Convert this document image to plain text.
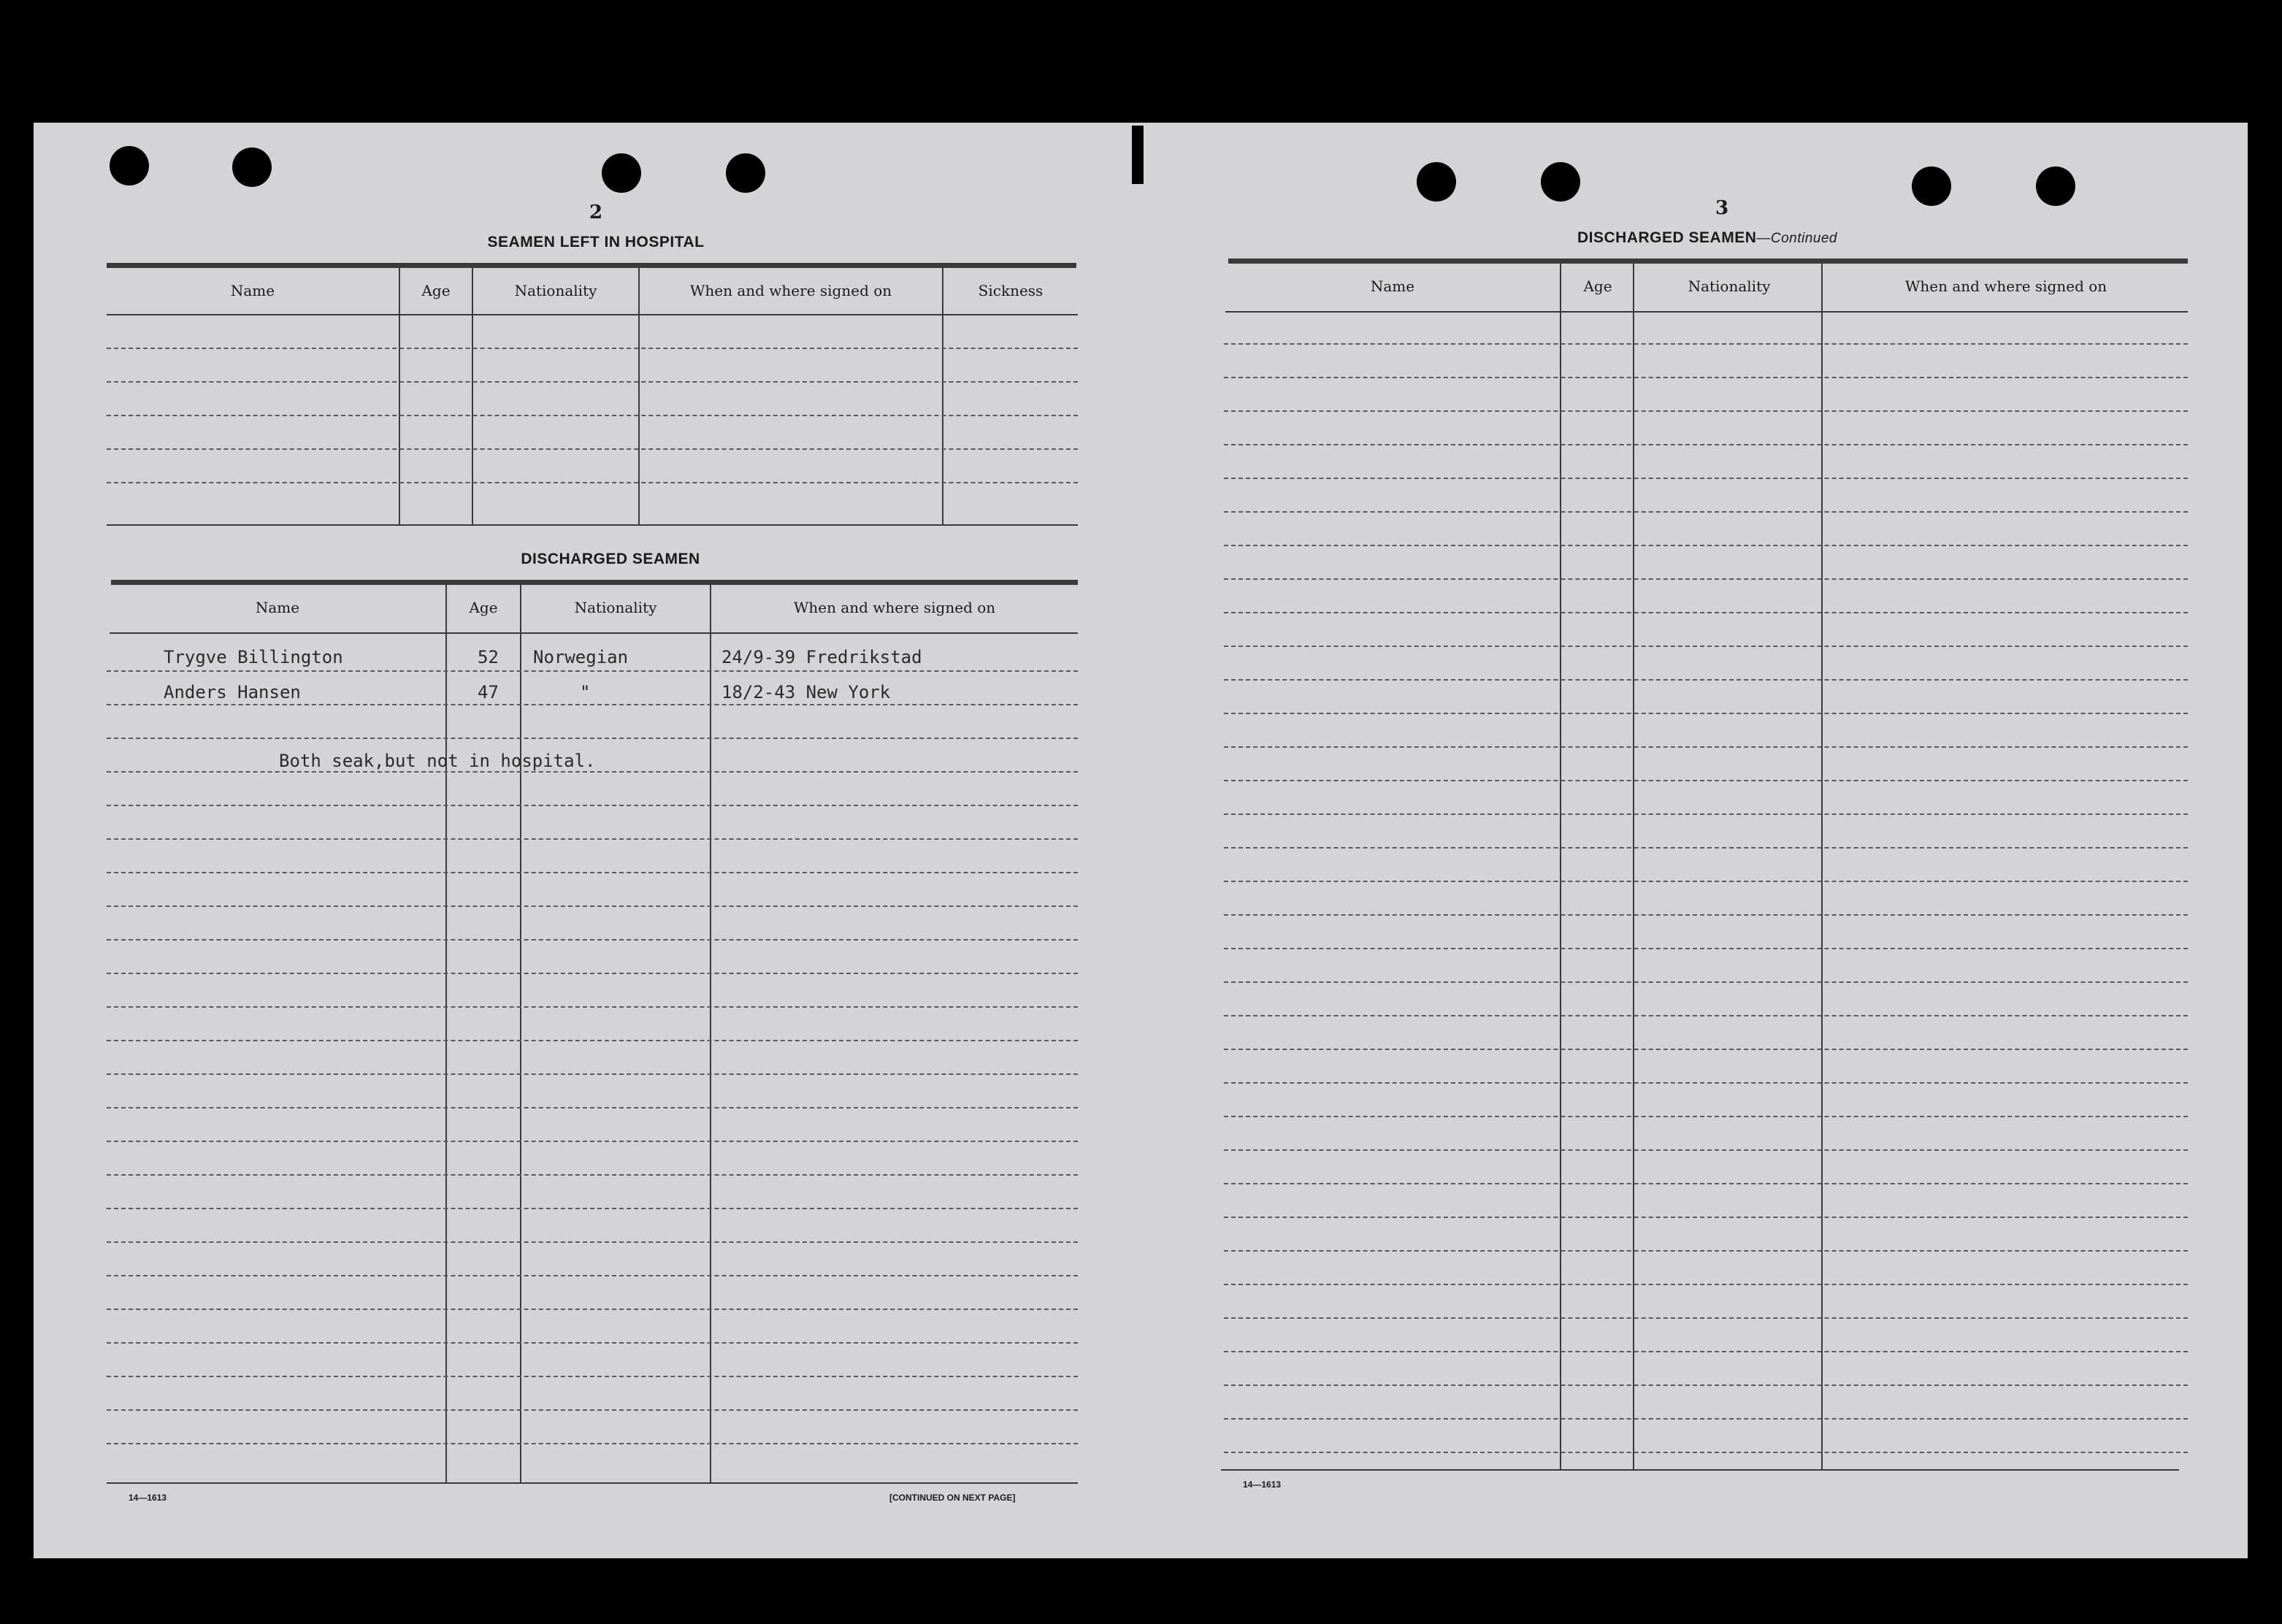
2
SEAMEN LEFT IN HOSPITAL
Name	Age	Nationality	When and where signed on	Sickness
DISCHARGED SEAMEN
Name	Age	Nationality	When and where signed on
Trygve Billington	52 Norwegian	24/9-39 Fredrikstad
Anders Hansen	47	"	18/2-43 New York
Both seak,but not in hospital.
14—1613	[CONTINUED ON NEXT PAGE]
3
DISCHARGED SEAMEN—Continued
Name	Age	Nationality	When and where signed on
14—1613
